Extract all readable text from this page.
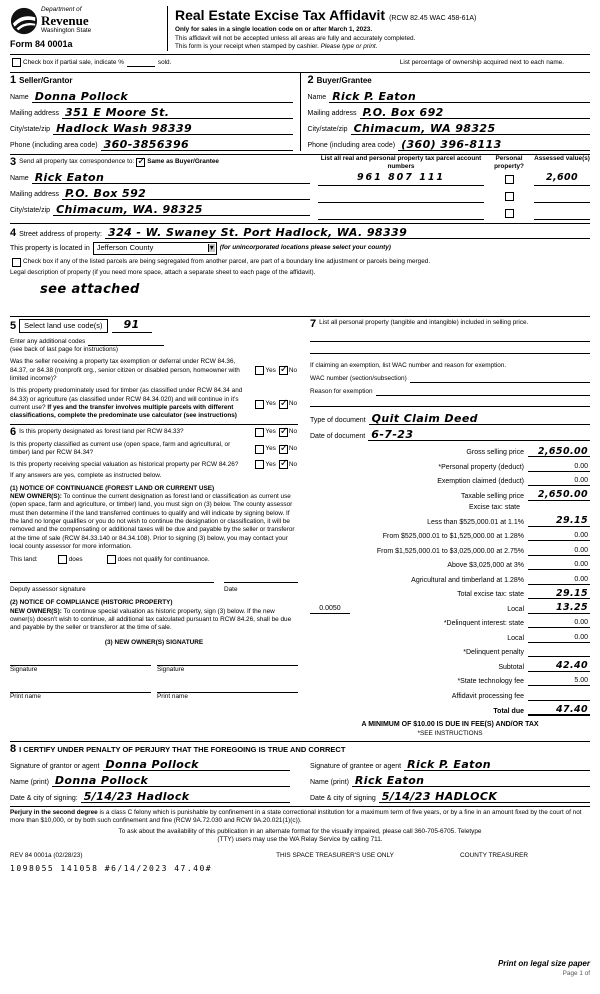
Department of
Revenue
Washington State
Form 84 0001a
Real Estate Excise Tax Affidavit (RCW 82.45 WAC 458-61A)
Only for sales in a single location code on or after March 1, 2023.
This affidavit will not be accepted unless all areas are fully and accurately completed.
This form is your receipt when stamped by cashier. Please type or print.
Check box if partial sale, indicate %	sold.	List percentage of ownership acquired next to each name.
1 Seller/Grantor
Name Donna Pollock
Mailing address 351 E Moore St.
City/state/zip Hadlock Wash 98339
Phone (including area code) 360-3856396
2 Buyer/Grantee
Name Rick P. Eaton
Mailing address P.O. Box 692
City/state/zip Chimacum, WA 98325
Phone (including area code) (360) 396-8113
3 Send all property tax correspondence to: ✓ Same as Buyer/Grantee
Name Rick Eaton
Mailing address P.O. Box 592
City/state/zip Chimacum, WA. 98325
List all real and personal property tax parcel account numbers
Personal property?
Assessed value(s)
961 807 111	2,600
4 Street address of property: 324 - W. Swaney St. Port Hadlock, WA. 98339
This property is located in Jefferson County	▾ (for unincorporated locations please select your county)
Check box if any of the listed parcels are being segregated from another parcel, are part of a boundary line adjustment or parcels being merged.
Legal description of property (if you need more space, attach a separate sheet to each page of the affidavit).
see attached
5	Select land use code(s)	91
Enter any additional codes
(see back of last page for instructions)
Was the seller receiving a property tax exemption or deferral under RCW 84.36, 84.37, or 84.38 (nonprofit org., senior citizen or disabled person, homeowner with limited income)?
Yes ✓ No
Is this property predominately used for timber (as classified under RCW 84.34 and 84.33) or agriculture (as classified under RCW 84.34.020) and will continue in it's current use? If yes and the transfer involves multiple parcels with different classifications, complete the predominate use calculator (see instructions)
Yes ✓ No
6 Is this property designated as forest land per RCW 84.33?	Yes ✓ No
Is this property classified as current use (open space, farm and agricultural, or timber) land per RCW 84.34?
Yes ✓ No
Is this property receiving special valuation as historical property per RCW 84.26?	Yes ✓ No
If any answers are yes, complete as instructed below.
(1) NOTICE OF CONTINUANCE (FOREST LAND OR CURRENT USE)
NEW OWNER(S): To continue the current designation as forest land or classification as current use (open space, farm and agriculture, or timber) land, you must sign on (3) below. The county assessor must then determine if the land transferred continues to qualify and will indicate by signing below. If the land no longer qualifies or you do not wish to continue the designation or classification, it will be removed and the compensating or additional taxes will be due and payable by the seller or transferor at the time of sale (RCW 84.33.140 or 84.34.108). Prior to signing (3) below, you may contact your local county assessor for more information.
This land:	does	does not qualify for continuance.
Deputy assessor signature	Date
(2) NOTICE OF COMPLIANCE (HISTORIC PROPERTY)
NEW OWNER(S): To continue special valuation as historic property, sign (3) below. If the new owner(s) doesn't wish to continue, all additional tax calculated pursuant to RCW 84.26, shall be due and payable by the seller or transferor at the time of sale.
(3) NEW OWNER(S) SIGNATURE
Signature	Signature
Print name	Print name
7 List all personal property (tangible and intangible) included in selling price.
If claiming an exemption, list WAC number and reason for exemption.
WAC number (section/subsection)
Reason for exemption
Type of document Quit Claim Deed
Date of document 6-7-23
Gross selling price 2,650.00
*Personal property (deduct)	0.00
Exemption claimed (deduct)	0.00
Taxable selling price 2,650.00
Excise tax: state
Less than $525,000.01 at 1.1%	29.15
From $525,000.01 to $1,525,000.00 at 1.28%	0.00
From $1,525,000.01 to $3,025,000.00 at 2.75%	0.00
Above $3,025,000 at 3%	0.00
Agricultural and timberland at 1.28%	0.00
Total excise tax: state	29.15
0.0050	Local	13.25
*Delinquent interest: state	0.00
Local	0.00
*Delinquent penalty
Subtotal	42.40
*State technology fee	5.00
Affidavit processing fee
Total due	47.40
A MINIMUM OF $10.00 IS DUE IN FEE(S) AND/OR TAX
*SEE INSTRUCTIONS
8 I CERTIFY UNDER PENALTY OF PERJURY THAT THE FOREGOING IS TRUE AND CORRECT
Signature of grantor or agent Donna Pollock
Name (print) Donna Pollock
Date & city of signing: 5/14/23 Hadlock
Signature of grantee or agent Rick P. Eaton
Name (print) Rick Eaton
Date & city of signing 5/14/23 HADLOCK
Perjury in the second degree is a class C felony which is punishable by confinement in a state correctional institution for a maximum term of five years, or by a fine in an amount fixed by the court of not more than $10,000, or by both such confinement and fine (RCW 9A.72.030 and RCW 9A.20.021(1)(c)).
To ask about the availability of this publication in an alternate format for the visually impaired, please call 360-705-6705. Teletype
(TTY) users may use the WA Relay Service by calling 711.
REV 84 0001a (02/28/23)
1098055 141058 #6/14/2023 47.40#
THIS SPACE TREASURER'S USE ONLY	COUNTY TREASURER
Print on legal size paper
Page 1 of
